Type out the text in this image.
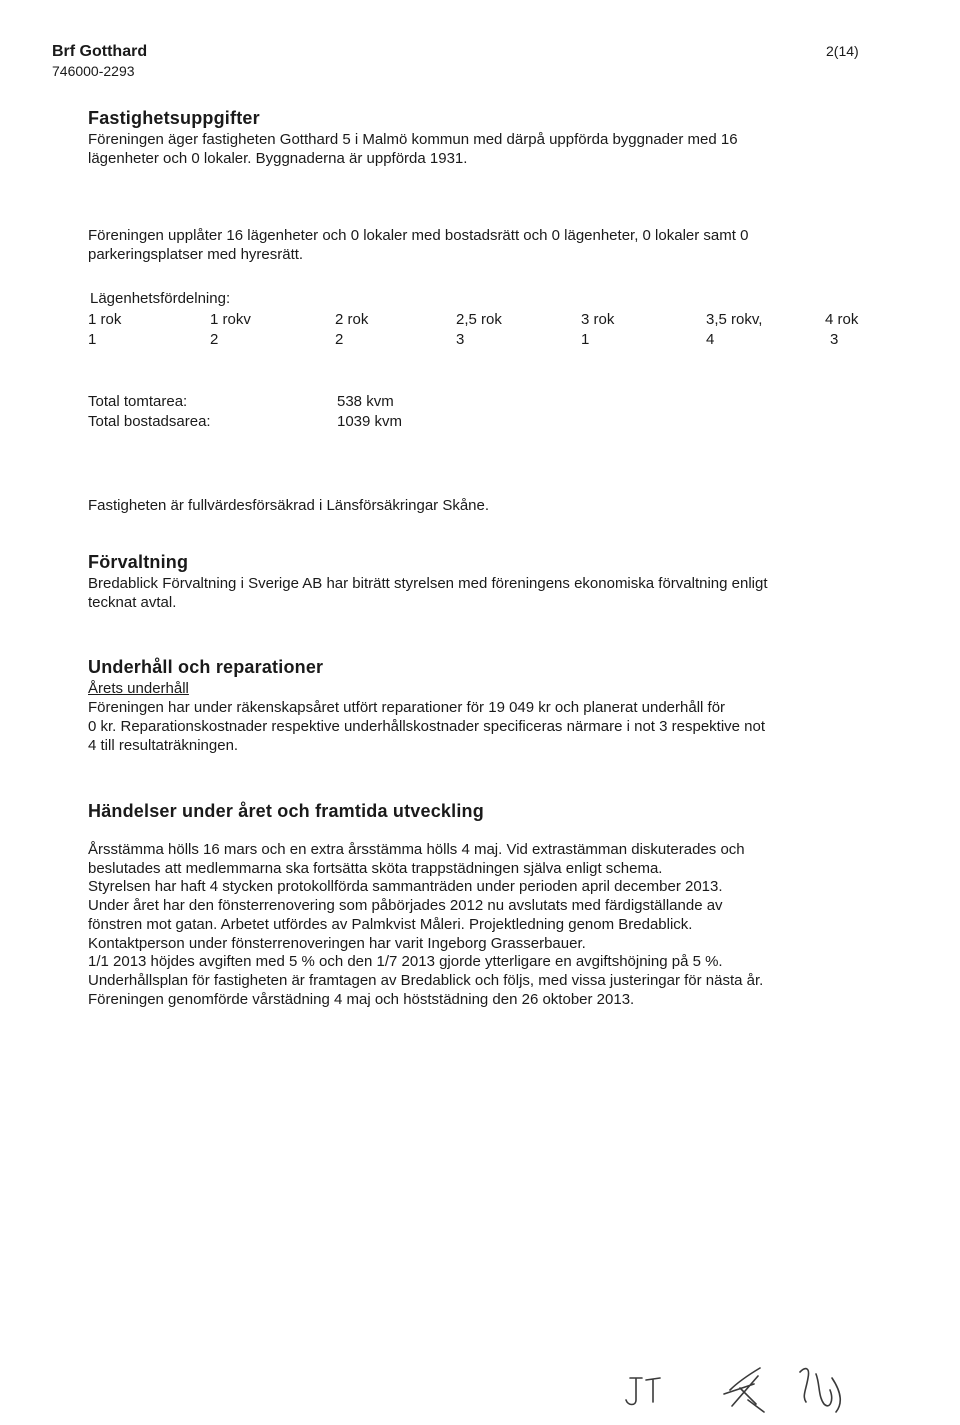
Brf Gotthard
746000-2293
2(14)
Fastighetsuppgifter

Föreningen äger fastigheten Gotthard 5 i Malmö kommun med därpå uppförda byggnader med 16

lägenheter och 0 lokaler. Byggnaderna är uppförda 1931.

Föreningen upplåter 16 lägenheter och 0 lokaler med bostadsrätt och 0 lägenheter, 0 lokaler samt 0

parkeringsplatser med hyresrätt.

Lägenhetsfördelning:
1 rok	1 rokv	2 rok	2,5 rok	3 rok	3,5 rokv,	4 rok
1	2	2	3	1	4	3
Total tomtarea:	538 kvm
Total bostadsarea:	1039 kvm

Fastigheten är fullvärdesförsäkrad i Länsförsäkringar Skåne.

Förvaltning

Bredablick Förvaltning i Sverige AB har biträtt styrelsen med föreningens ekonomiska förvaltning enligt

tecknat avtal.

Underhåll och reparationer
Årets underhåll

Föreningen har under räkenskapsåret utfört reparationer för 19 049 kr och planerat underhåll för

0 kr. Reparationskostnader respektive underhållskostnader specificeras närmare i not 3 respektive not

4 till resultaträkningen.

Händelser under året och framtida utveckling

Årsstämma hölls 16 mars och en extra årsstämma hölls 4 maj. Vid extrastämman diskuterades och

beslutades att medlemmarna ska fortsätta sköta trappstädningen själva enligt schema.

Styrelsen har haft 4 stycken protokollförda sammanträden under perioden april december 2013.

Under året har den fönsterrenovering som påbörjades 2012 nu avslutats med färdigställande av

fönstren mot gatan. Arbetet utfördes av Palmkvist Måleri. Projektledning genom Bredablick.

Kontaktperson under fönsterrenoveringen har varit Ingeborg Grasserbauer.

1/1 2013 höjdes avgiften med 5 % och den 1/7 2013 gjorde ytterligare en avgiftshöjning på 5 %.

Underhållsplan för fastigheten är framtagen av Bredablick och följs, med vissa justeringar för nästa år.

Föreningen genomförde vårstädning 4 maj och höststädning den 26 oktober 2013.
